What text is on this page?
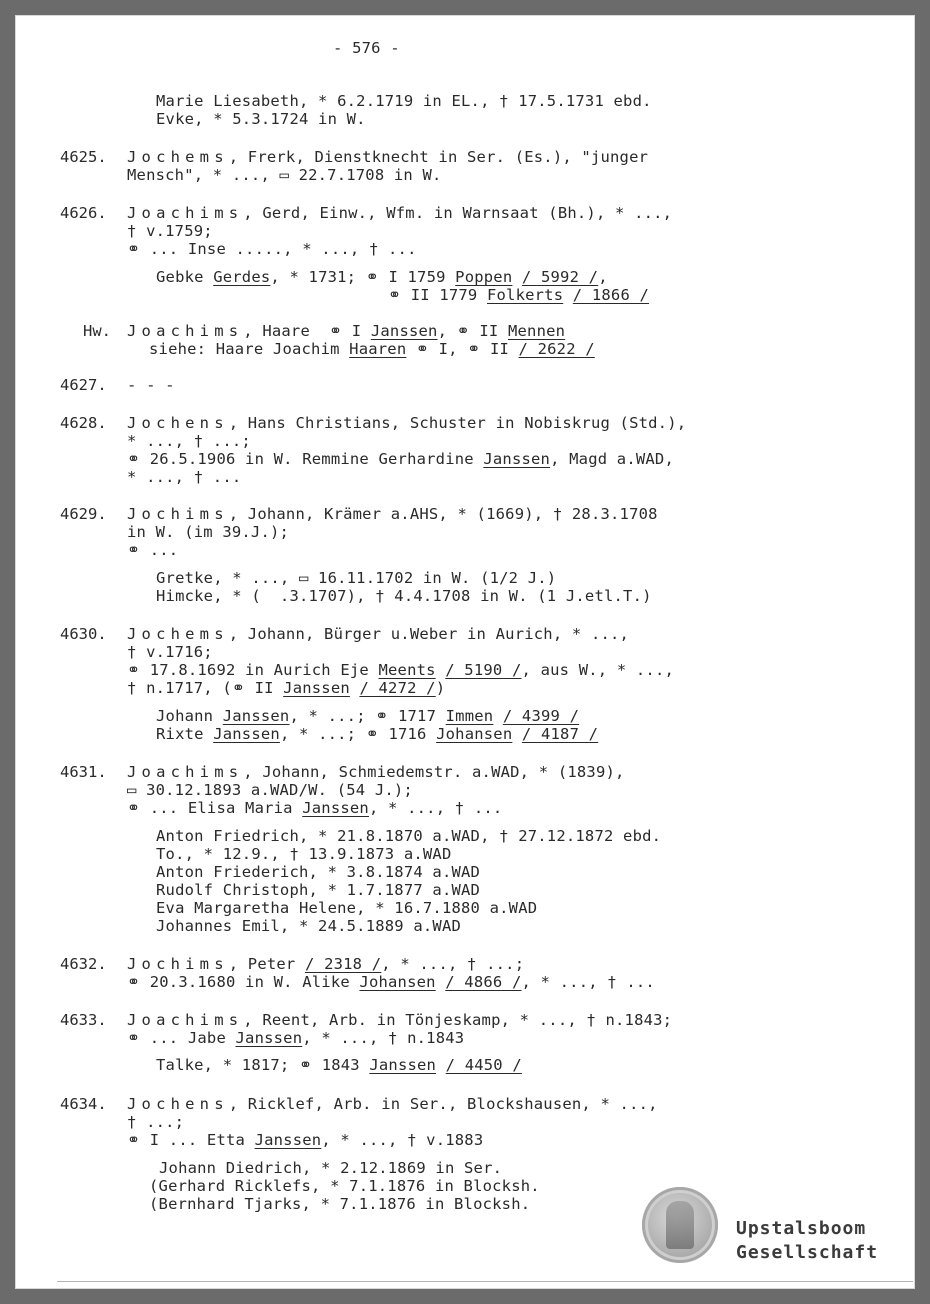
- 576 -
Marie Liesabeth, * 6.2.1719 in EL., † 17.5.1731 ebd.
Evke, * 5.3.1724 in W.
4625. Jochems, Frerk, Dienstknecht in Ser. (Es.), "junger
Mensch", * ..., ▭ 22.7.1708 in W.
4626. Joachims, Gerd, Einw., Wfm. in Warnsaat (Bh.), * ...,
† v.1759;
⚭ ... Inse ....., * ..., † ...
Gebke Gerdes, * 1731; ⚭ I 1759 Poppen / 5992 /,
⚭ II 1779 Folkerts / 1866 /
Hw. Joachims, Haare  ⚭ I Janssen, ⚭ II Mennen
siehe: Haare Joachim Haaren ⚭ I, ⚭ II / 2622 /
4627. - - -
4628. Jochens, Hans Christians, Schuster in Nobiskrug (Std.),
* ..., † ...;
⚭ 26.5.1906 in W. Remmine Gerhardine Janssen, Magd a.WAD,
* ..., † ...
4629. Jochims, Johann, Krämer a.AHS, * (1669), † 28.3.1708
in W. (im 39.J.);
⚭ ...
Gretke, * ..., ▭ 16.11.1702 in W. (1/2 J.)
Himcke, * (  .3.1707), † 4.4.1708 in W. (1 J.etl.T.)
4630. Jochems, Johann, Bürger u.Weber in Aurich, * ...,
† v.1716;
⚭ 17.8.1692 in Aurich Eje Meents / 5190 /, aus W., * ...,
† n.1717, (⚭ II Janssen / 4272 /)
Johann Janssen, * ...; ⚭ 1717 Immen / 4399 /
Rixte Janssen, * ...; ⚭ 1716 Johansen / 4187 /
4631. Joachims, Johann, Schmiedemstr. a.WAD, * (1839),
▭ 30.12.1893 a.WAD/W. (54 J.);
⚭ ... Elisa Maria Janssen, * ..., † ...
Anton Friedrich, * 21.8.1870 a.WAD, † 27.12.1872 ebd.
To., * 12.9., † 13.9.1873 a.WAD
Anton Friederich, * 3.8.1874 a.WAD
Rudolf Christoph, * 1.7.1877 a.WAD
Eva Margaretha Helene, * 16.7.1880 a.WAD
Johannes Emil, * 24.5.1889 a.WAD
4632. Jochims, Peter / 2318 /, * ..., † ...;
⚭ 20.3.1680 in W. Alike Johansen / 4866 /, * ..., † ...
4633. Joachims, Reent, Arb. in Tönjeskamp, * ..., † n.1843;
⚭ ... Jabe Janssen, * ..., † n.1843
Talke, * 1817; ⚭ 1843 Janssen / 4450 /
4634. Jochens, Ricklef, Arb. in Ser., Blockshausen, * ...,
† ...;
⚭ I ... Etta Janssen, * ..., † v.1883
Johann Diedrich, * 2.12.1869 in Ser.
(Gerhard Ricklefs, * 7.1.1876 in Blocksh.
(Bernhard Tjarks, * 7.1.1876 in Blocksh.
Upstalsboom
Gesellschaft
